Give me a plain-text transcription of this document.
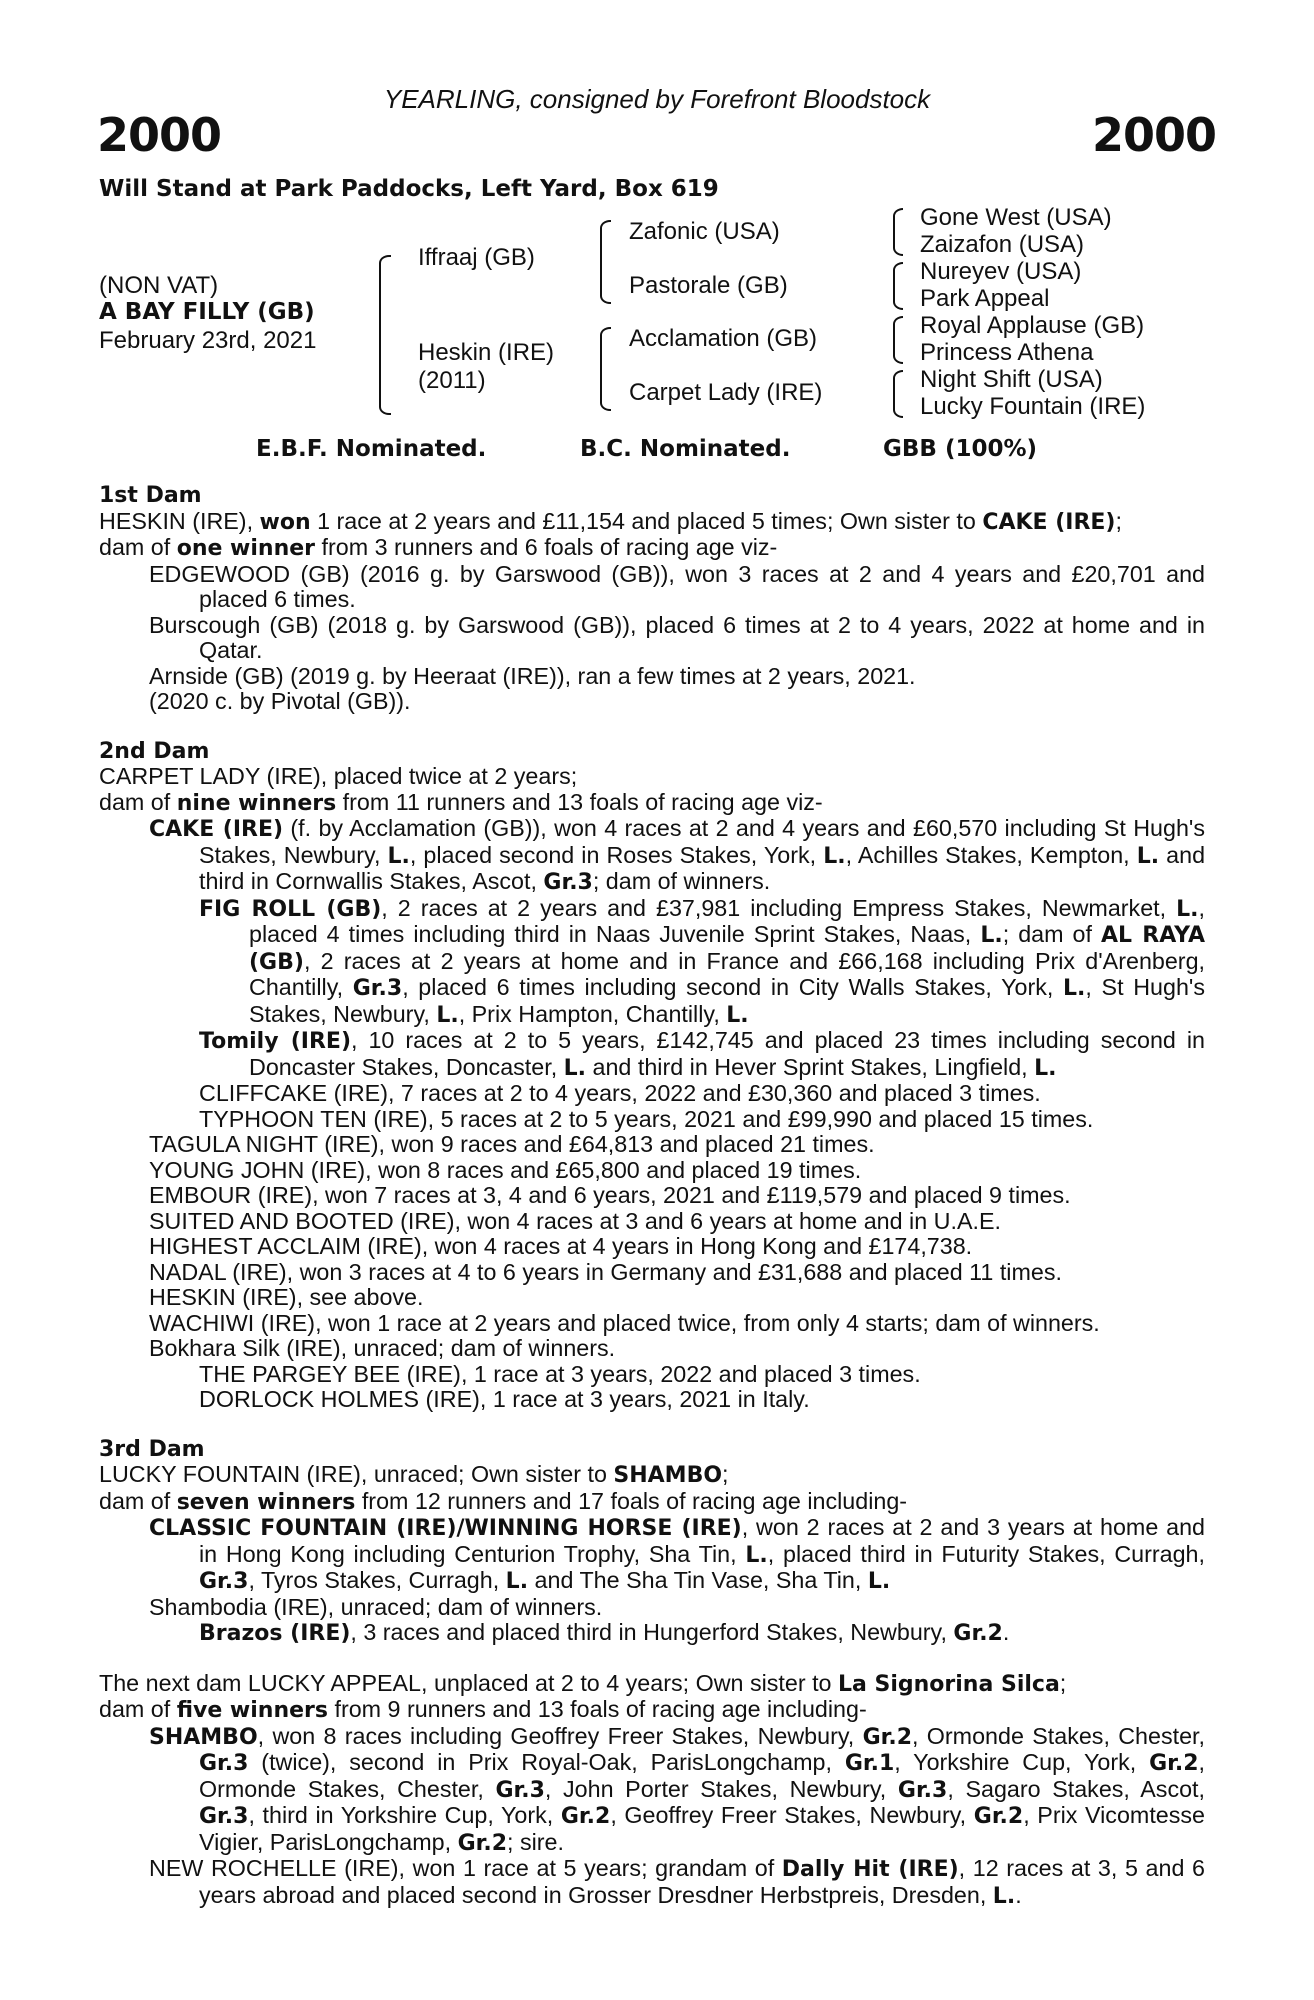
YEARLING, consigned by Forefront Bloodstock
2000	2000
Will Stand at Park Paddocks, Left Yard, Box 619
(NON VAT)
A BAY FILLY (GB)
February 23rd, 2021
Iffraaj (GB)
Heskin (IRE)
(2011)
Zafonic (USA)
Pastorale (GB)
Acclamation (GB)
Carpet Lady (IRE)
Gone West (USA)
Zaizafon (USA)
Nureyev (USA)
Park Appeal
Royal Applause (GB)
Princess Athena
Night Shift (USA)
Lucky Fountain (IRE)
E.B.F. Nominated.	B.C. Nominated.	GBB (100%)
1st Dam
HESKIN (IRE), won 1 race at 2 years and £11,154 and placed 5 times; Own sister to CAKE (IRE);
dam of one winner from 3 runners and 6 foals of racing age viz-
EDGEWOOD (GB) (2016 g. by Garswood (GB)), won 3 races at 2 and 4 years and £20,701 and placed 6 times.
Burscough (GB) (2018 g. by Garswood (GB)), placed 6 times at 2 to 4 years, 2022 at home and in Qatar.
Arnside (GB) (2019 g. by Heeraat (IRE)), ran a few times at 2 years, 2021.
(2020 c. by Pivotal (GB)).
2nd Dam
CARPET LADY (IRE), placed twice at 2 years;
dam of nine winners from 11 runners and 13 foals of racing age viz-
CAKE (IRE) (f. by Acclamation (GB)), won 4 races at 2 and 4 years and £60,570 including St Hugh's Stakes, Newbury, L., placed second in Roses Stakes, York, L., Achilles Stakes, Kempton, L. and third in Cornwallis Stakes, Ascot, Gr.3; dam of winners.
FIG ROLL (GB), 2 races at 2 years and £37,981 including Empress Stakes, Newmarket, L., placed 4 times including third in Naas Juvenile Sprint Stakes, Naas, L.; dam of AL RAYA (GB), 2 races at 2 years at home and in France and £66,168 including Prix d'Arenberg, Chantilly, Gr.3, placed 6 times including second in City Walls Stakes, York, L., St Hugh's Stakes, Newbury, L., Prix Hampton, Chantilly, L.
Tomily (IRE), 10 races at 2 to 5 years, £142,745 and placed 23 times including second in Doncaster Stakes, Doncaster, L. and third in Hever Sprint Stakes, Lingfield, L.
CLIFFCAKE (IRE), 7 races at 2 to 4 years, 2022 and £30,360 and placed 3 times.
TYPHOON TEN (IRE), 5 races at 2 to 5 years, 2021 and £99,990 and placed 15 times.
TAGULA NIGHT (IRE), won 9 races and £64,813 and placed 21 times.
YOUNG JOHN (IRE), won 8 races and £65,800 and placed 19 times.
EMBOUR (IRE), won 7 races at 3, 4 and 6 years, 2021 and £119,579 and placed 9 times.
SUITED AND BOOTED (IRE), won 4 races at 3 and 6 years at home and in U.A.E.
HIGHEST ACCLAIM (IRE), won 4 races at 4 years in Hong Kong and £174,738.
NADAL (IRE), won 3 races at 4 to 6 years in Germany and £31,688 and placed 11 times.
HESKIN (IRE), see above.
WACHIWI (IRE), won 1 race at 2 years and placed twice, from only 4 starts; dam of winners.
Bokhara Silk (IRE), unraced; dam of winners.
THE PARGEY BEE (IRE), 1 race at 3 years, 2022 and placed 3 times.
DORLOCK HOLMES (IRE), 1 race at 3 years, 2021 in Italy.
3rd Dam
LUCKY FOUNTAIN (IRE), unraced; Own sister to SHAMBO;
dam of seven winners from 12 runners and 17 foals of racing age including-
CLASSIC FOUNTAIN (IRE)/WINNING HORSE (IRE), won 2 races at 2 and 3 years at home and in Hong Kong including Centurion Trophy, Sha Tin, L., placed third in Futurity Stakes, Curragh, Gr.3, Tyros Stakes, Curragh, L. and The Sha Tin Vase, Sha Tin, L.
Shambodia (IRE), unraced; dam of winners.
Brazos (IRE), 3 races and placed third in Hungerford Stakes, Newbury, Gr.2.
The next dam LUCKY APPEAL, unplaced at 2 to 4 years; Own sister to La Signorina Silca;
dam of five winners from 9 runners and 13 foals of racing age including-
SHAMBO, won 8 races including Geoffrey Freer Stakes, Newbury, Gr.2, Ormonde Stakes, Chester, Gr.3 (twice), second in Prix Royal-Oak, ParisLongchamp, Gr.1, Yorkshire Cup, York, Gr.2, Ormonde Stakes, Chester, Gr.3, John Porter Stakes, Newbury, Gr.3, Sagaro Stakes, Ascot, Gr.3, third in Yorkshire Cup, York, Gr.2, Geoffrey Freer Stakes, Newbury, Gr.2, Prix Vicomtesse Vigier, ParisLongchamp, Gr.2; sire.
NEW ROCHELLE (IRE), won 1 race at 5 years; grandam of Dally Hit (IRE), 12 races at 3, 5 and 6 years abroad and placed second in Grosser Dresdner Herbstpreis, Dresden, L..
